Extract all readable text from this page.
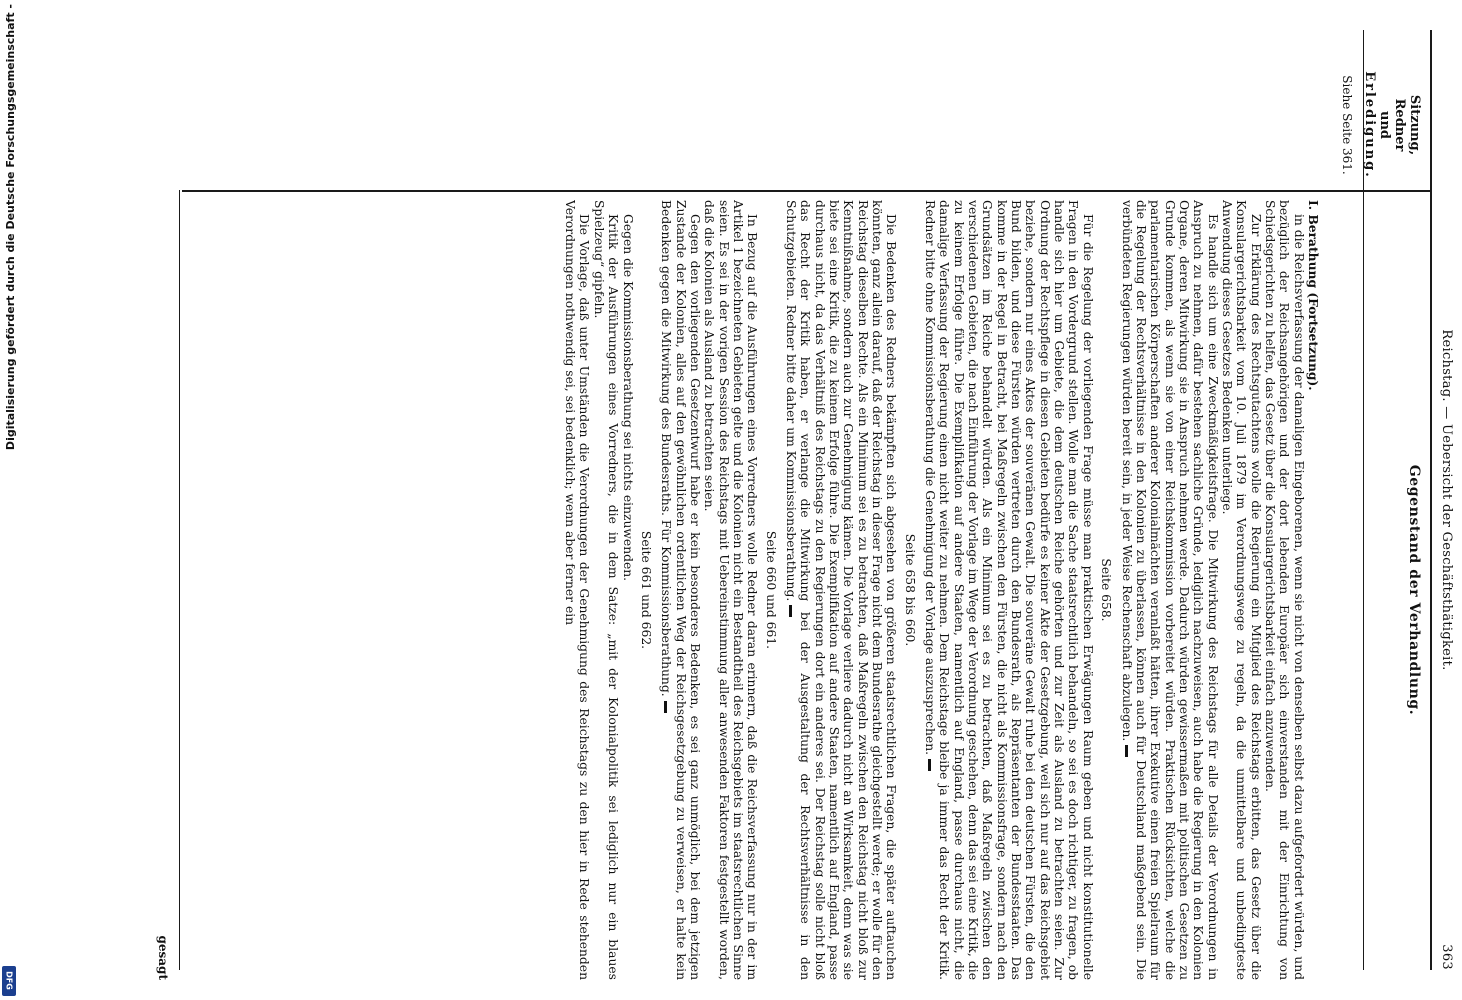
Reichstag. — Uebersicht der Geschäftsthätigkeit.
363
Sitzung, Redner
und
Erledigung.
Gegenstand der Verhandlung.
Siehe Seite 361.

I. Berathung (Fortsetzung).

in die Reichsverfassung der damaligen Eingeborenen, wenn sie nicht von denselben selbst dazu aufgefordert würden, und bezüglich der Reichsangehörigen und der dort lebenden Europäer sich einverstanden mit der Einrichtung von Schiedsgerichten zu helfen, das Gesetz über die Konsulargerichtsbarkeit einfach anzuwenden.

Zur Erklärung des Rechtsgutachtens wolle die Regierung ein Mitglied des Reichstags erbitten, das Gesetz über die Konsulargerichtsbarkeit vom 10. Juli 1879 im Verordnungswege zu regeln, da die unmittelbare und unbedingteste Anwendung dieses Gesetzes Bedenken unterliege.

Es handle sich um eine Zweckmäßigkeitsfrage. Die Mitwirkung des Reichstags für alle Details der Verordnungen in Anspruch zu nehmen, dafür bestehen sachliche Gründe, lediglich nachzuweisen, auch habe die Regierung in den Kolonien Organe, deren Mitwirkung sie in Anspruch nehmen werde. Dadurch würden gewissermaßen mit politischen Gesetzen zu Grunde kommen, als wenn sie von einer Reichskommission vorbereitet würden. Praktischen Rücksichten, welche die parlamentarischen Körperschaften anderer Kolonialmächten veranlaßt hätten, ihrer Exekutive einen freien Spielraum für die Regelung der Rechtsverhältnisse in den Kolonien zu überlassen, können auch für Deutschland maßgebend sein. Die verbündeten Regierungen würden bereit sein, in jeder Weise Rechenschaft abzulegen.

Seite 658.

Für die Regelung der vorliegenden Frage müsse man praktischen Erwägungen Raum geben und nicht konstitutionelle Fragen in den Vordergrund stellen. Wolle man die Sache staatsrechtlich behandeln, so sei es doch richtiger, zu fragen, ob handle sich hier um Gebiete, die dem deutschen Reiche gehörten und zur Zeit als Ausland zu betrachten seien. Zur Ordnung der Rechtspflege in diesen Gebieten bedürfe es keiner Akte der Gesetzgebung, weil sich nur auf das Reichsgebiet beziehe, sondern nur eines Aktes der souveränen Gewalt. Die souveräne Gewalt ruhe bei den deutschen Fürsten, die den Bund bilden, und diese Fürsten würden vertreten durch den Bundesrath, als Repräsentanten der Bundesstaaten. Das komme in der Regel in Betracht, bei Maßregeln zwischen den Fürsten, die nicht als Kommissionsfrage, sondern nach den Grundsätzen im Reiche behandelt würden. Als ein Minimum sei es zu betrachten, daß Maßregeln zwischen den verschiedenen Gebieten, die nach Einführung der Vorlage im Wege der Verordnung geschehen, denn das sei eine Kritik, die zu keinem Erfolge führe. Die Exemplifikation auf andere Staaten, namentlich auf England, passe durchaus nicht, die damalige Verfassung der Regierung einen nicht weiter zu nehmen. Dem Reichstage bleibe ja immer das Recht der Kritik. Redner bitte ohne Kommissionsberathung die Genehmigung der Vorlage auszusprechen.

Seite 658 bis 660.

Die Bedenken des Redners bekämpften sich abgesehen von größeren staatsrechtlichen Fragen, die später auftauchen könnten, ganz allein darauf, daß der Reichstag in dieser Frage nicht dem Bundesrathe gleichgestellt werde; er wolle für den Reichstag dieselben Rechte. Als ein Minimum sei es zu betrachten, daß Maßregeln zwischen den Reichstag nicht bloß zur Kenntnißnahme, sondern auch zur Genehmigung kämen. Die Vorlage verliere dadurch nicht an Wirksamkeit, denn was sie biete sei eine Kritik, die zu keinem Erfolge führe. Die Exemplifikation auf andere Staaten, namentlich auf England, passe durchaus nicht, da das Verhältniß des Reichstags zu den Regierungen dort ein anderes sei. Der Reichstag solle nicht bloß das Recht der Kritik haben, er verlange die Mitwirkung bei der Ausgestaltung der Rechtsverhältnisse in den Schutzgebieten. Redner bitte daher um Kommissionsberathung.

Seite 660 und 661.

In Bezug auf die Ausführungen eines Vorredners wolle Redner daran erinnern, daß die Reichsverfassung nur in der im Artikel 1 bezeichneten Gebieten gelte und die Kolonien nicht ein Bestandtheil des Reichsgebiets im staatsrechtlichen Sinne seien. Es sei in der vorigen Session des Reichstags mit Uebereinstimmung aller anwesenden Faktoren festgestellt worden, daß die Kolonien als Ausland zu betrachten seien.

Gegen den vorliegenden Gesetzentwurf habe er kein besonderes Bedenken, es sei ganz unmöglich, bei dem jetzigen Zustande der Kolonien, alles auf den gewöhnlichen ordentlichen Weg der Reichsgesetzgebung zu verweisen, er halte kein Bedenken gegen die Mitwirkung des Bundesraths. Für Kommissionsberathung.

Seite 661 und 662.

Gegen die Kommissionsberathung sei nichts einzuwenden.

Kritik der Ausführungen eines Vorredners, die in dem Satze: „mit der Kolonialpolitik sei lediglich nur ein blaues Spielzeug“ gipfeln.

Die Vorlage, daß unter Umständen die Verordnungen der Genehmigung des Reichstags zu den hier in Rede stehenden Verordnungen nothwendig sei, sei bedenklich; wenn aber ferner ein

gesagt
Digitalisierung gefördert durch die Deutsche Forschungsgemeinschaft -
DFG
